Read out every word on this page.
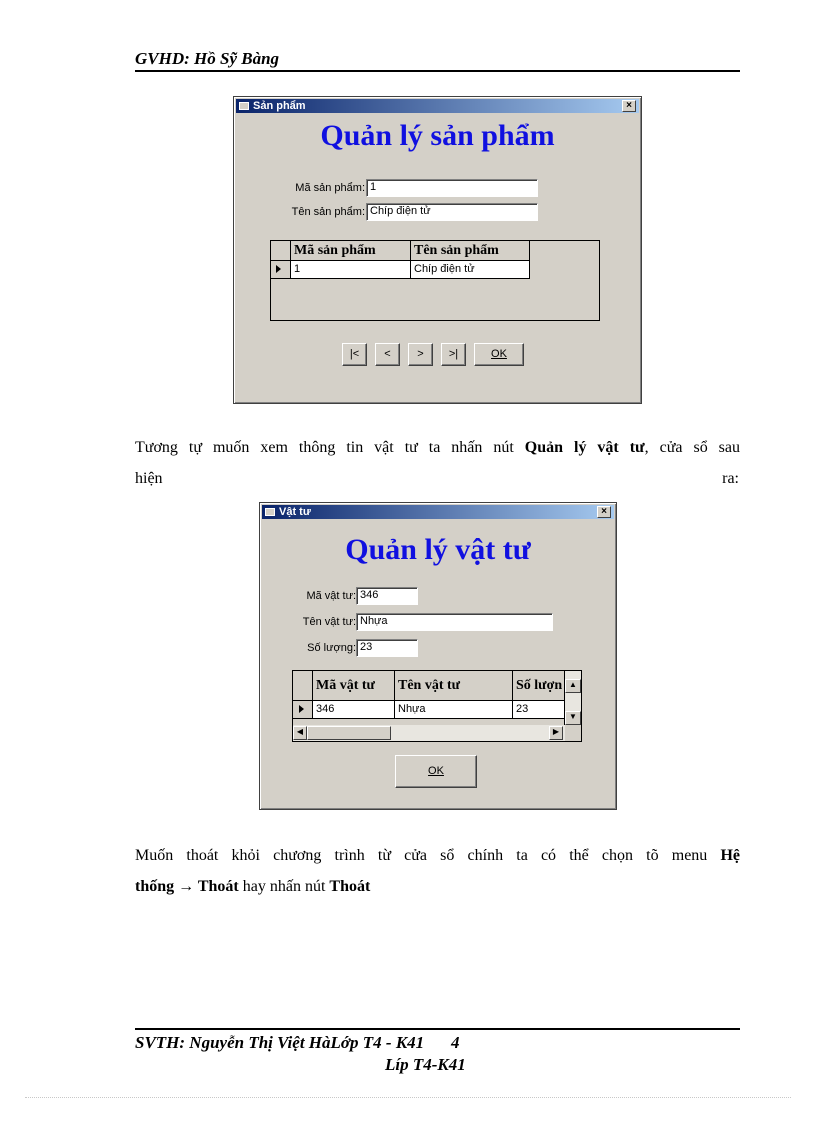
GVHD: Hồ Sỹ Bàng
Sản phẩm	×
Quản lý sản phẩm
Mã sản phẩm: 1
Tên sản phẩm: Chíp điện tử
Mã sản phẩm	Tên sản phẩm
1	Chíp điện tử
|<	<	>	>|	OK
Tương tự muốn xem thông tin vật tư ta nhấn nút Quản lý vật tư, cửa sổ sau
hiện	ra:
Vật tư	×
Quản lý vật tư
Mã vật tư: 346
Tên vật tư: Nhựa
Số lượng: 23
Mã vật tư	Tên vật tư	Số lượn
346	Nhựa	23
▲
▼
◀	▶
OK
Muốn thoát khỏi chương trình từ cửa sổ chính ta có thể chọn tõ menu Hệ
thống → Thoát hay nhấn nút Thoát
SVTH: Nguyễn Thị Việt HàLớp T4 - K41 4
Líp T4-K41
